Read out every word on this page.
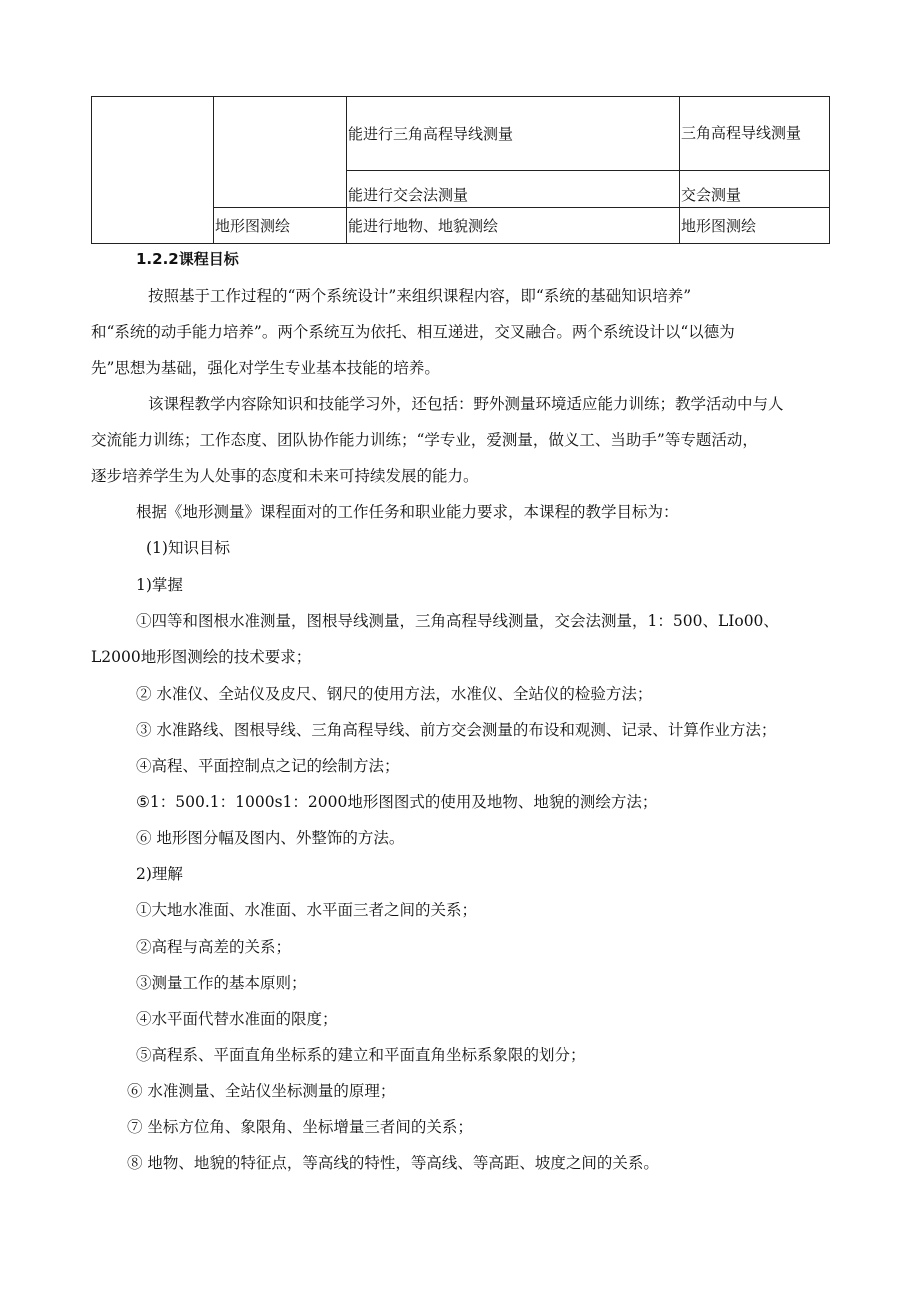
		能进行三角高程导线测量	三角高程导线测量
		能进行交会法测量	交会测量
	地形图测绘	能进行地物、地貌测绘	地形图测绘
1.2.2课程目标
按照基于工作过程的“两个系统设计”来组织课程内容，即“系统的基础知识培养”
和“系统的动手能力培养”。两个系统互为依托、相互递进，交叉融合。两个系统设计以“以德为
先”思想为基础，强化对学生专业基本技能的培养。
该课程教学内容除知识和技能学习外，还包括：野外测量环境适应能力训练；教学活动中与人
交流能力训练；工作态度、团队协作能力训练；“学专业，爱测量，做义工、当助手”等专题活动，
逐步培养学生为人处事的态度和未来可持续发展的能力。
根据《地形测量》课程面对的工作任务和职业能力要求，本课程的教学目标为：
(1)知识目标
1)掌握
①四等和图根水准测量，图根导线测量，三角高程导线测量，交会法测量，1：500、LIo00、
L2000地形图测绘的技术要求；
② 水准仪、全站仪及皮尺、钢尺的使用方法，水准仪、全站仪的检验方法；
③ 水准路线、图根导线、三角高程导线、前方交会测量的布设和观测、记录、计算作业方法；
④高程、平面控制点之记的绘制方法；
⑤1：500.1：1000s1：2000地形图图式的使用及地物、地貌的测绘方法；
⑥ 地形图分幅及图内、外整饰的方法。
2)理解
①大地水准面、水准面、水平面三者之间的关系；
②高程与高差的关系；
③测量工作的基本原则；
④水平面代替水准面的限度；
⑤高程系、平面直角坐标系的建立和平面直角坐标系象限的划分；
⑥ 水准测量、全站仪坐标测量的原理；
⑦ 坐标方位角、象限角、坐标增量三者间的关系；
⑧ 地物、地貌的特征点，等高线的特性，等高线、等高距、坡度之间的关系。
